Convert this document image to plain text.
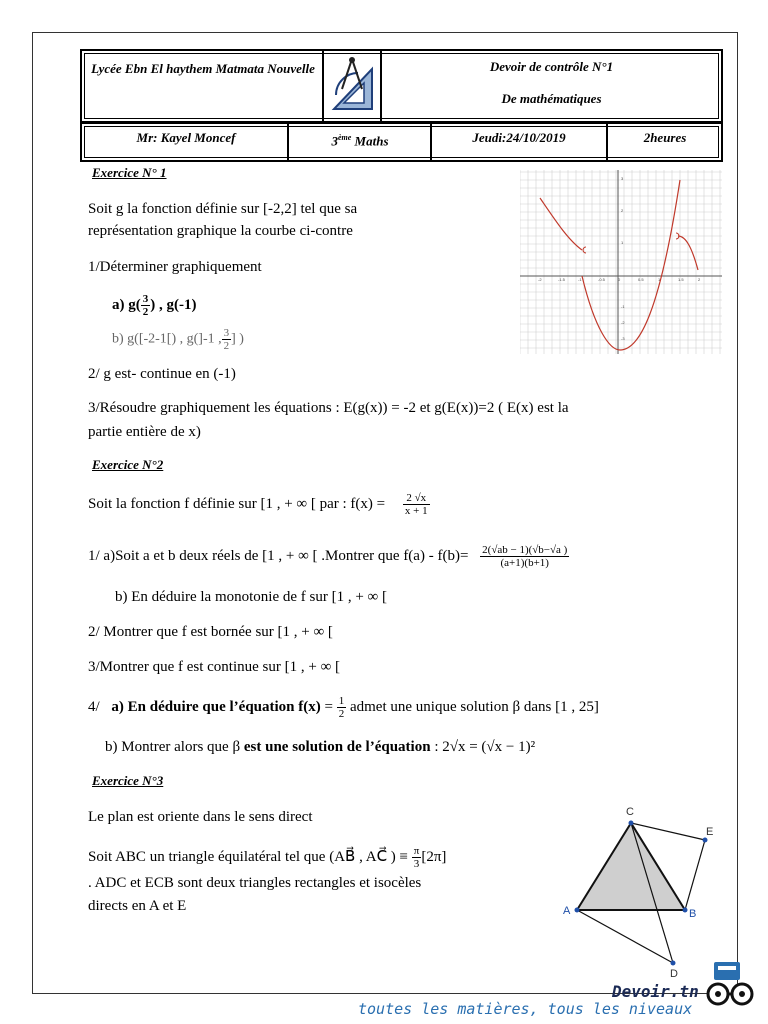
Lycée Ebn El haythem Matmata Nouvelle	Devoir de contrôle N°1
De mathématiques
Mr: Kayel Moncef	3ème Maths	Jeudi:24/10/2019	2heures
Exercice N° 1
Soit g la fonction définie sur [-2,2] tel que sa
représentation graphique la courbe ci-contre
1/Déterminer graphiquement
a) $g( \frac{3}{2}$ ) , g(-1)
b) g([-2-1[) , g(]-1 , $\frac{3}{2}$ ] )
2/ g est- continue en (-1)
3/Résoudre graphiquement les équations : E(g(x)) = -2 et g(E(x))=2 ( E(x) est la
partie entière de x)
-2	-1.5	-1	-0.5	0	0.5	1	1.5	2
3
2
1
-1
-2
-3
Exercice N°2
Soit la fonction f définie sur [1 , + ∞ [ par : $f(x) = \frac{2 √x}{x + 1}$
1/ a)Soit a et b deux réels de [1 , + ∞ [ .Montrer que $f(a) - f(b)= \frac{2(√ab - 1)(√b-√a )}{(a+1)(b+1)}$
b) En déduire la monotonie de f sur [1 , + ∞ [
2/ Montrer que f est bornée sur [1 , + ∞ [
3/Montrer que f est continue sur [1 , + ∞ [
4/ a) En déduire que l’équation $f(x) = \frac{1}{2}$ admet une unique solution β dans [1 , 25]
b) Montrer alors que β est une solution de l’équation : 2√x = (√x − 1)²
Exercice N°3
Le plan est oriente dans le sens direct
Soit ABC un triangle équilatéral tel que (AB⃗ , AC⃗ ) ≡ $\frac{\pi}{3} [2\pi]$
. ADC et ECB sont deux triangles rectangles et isocèles
directs en A et E	A
C
B
E
D
Devoir.tn
toutes les matières, tous les niveaux
